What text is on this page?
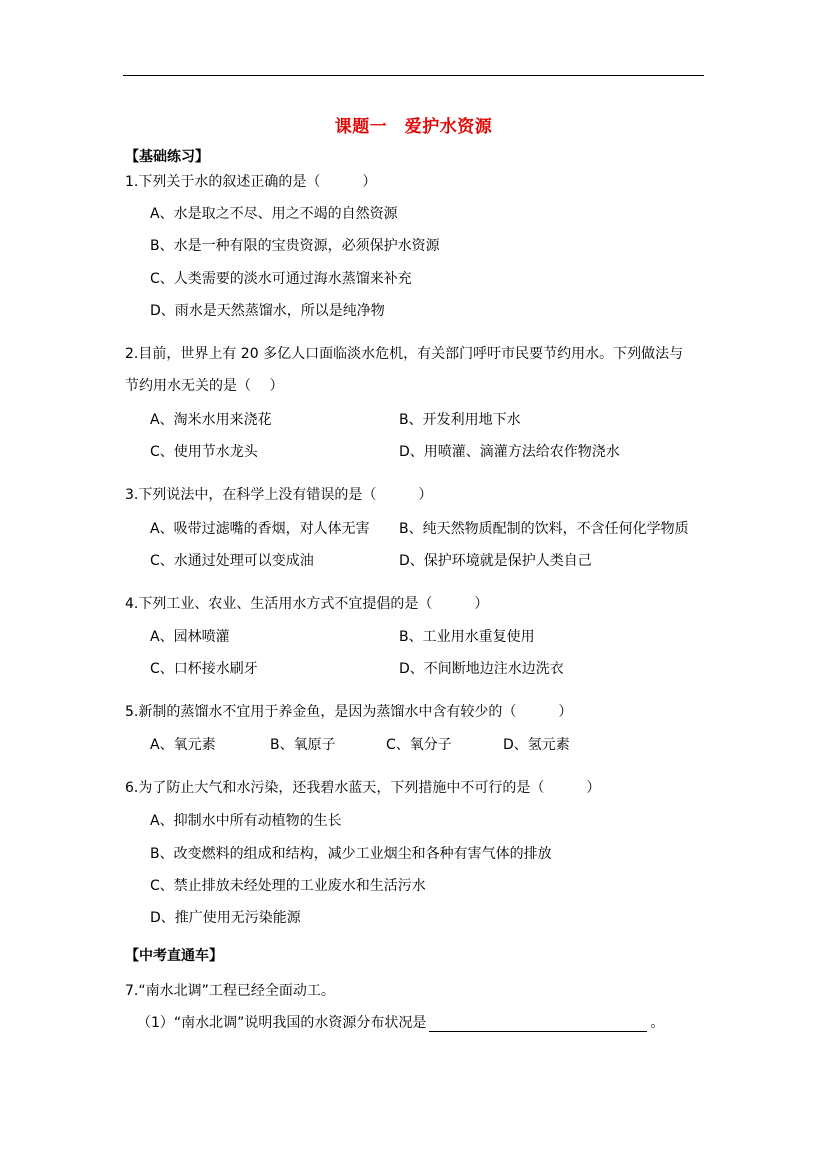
课题一　爱护水资源
【基础练习】
1.下列关于水的叙述正确的是（　　　）
A、水是取之不尽、用之不竭的自然资源
B、水是一种有限的宝贵资源，必须保护水资源
C、人类需要的淡水可通过海水蒸馏来补充
D、雨水是天然蒸馏水，所以是纯净物
2.目前，世界上有 20 多亿人口面临淡水危机，有关部门呼吁市民要节约用水。下列做法与
节约用水无关的是（　 ）
A、淘米水用来浇花	B、开发利用地下水
C、使用节水龙头	D、用喷灌、滴灌方法给农作物浇水
3.下列说法中，在科学上没有错误的是（　　　）
A、吸带过滤嘴的香烟，对人体无害 B、纯天然物质配制的饮料，不含任何化学物质
C、水通过处理可以变成油	D、保护环境就是保护人类自己
4.下列工业、农业、生活用水方式不宜提倡的是（　　　）
A、园林喷灌	B、工业用水重复使用
C、口杯接水刷牙	D、不间断地边注水边洗衣
5.新制的蒸馏水不宜用于养金鱼，是因为蒸馏水中含有较少的（　　　）
A、氧元素	B、氧原子	C、氧分子	D、氢元素
6.为了防止大气和水污染，还我碧水蓝天，下列措施中不可行的是（　　　）
A、抑制水中所有动植物的生长
B、改变燃料的组成和结构，减少工业烟尘和各种有害气体的排放
C、禁止排放未经处理的工业废水和生活污水
D、推广使用无污染能源
【中考直通车】
7.“南水北调”工程已经全面动工。
（1）“南水北调”说明我国的水资源分布状况是	。
